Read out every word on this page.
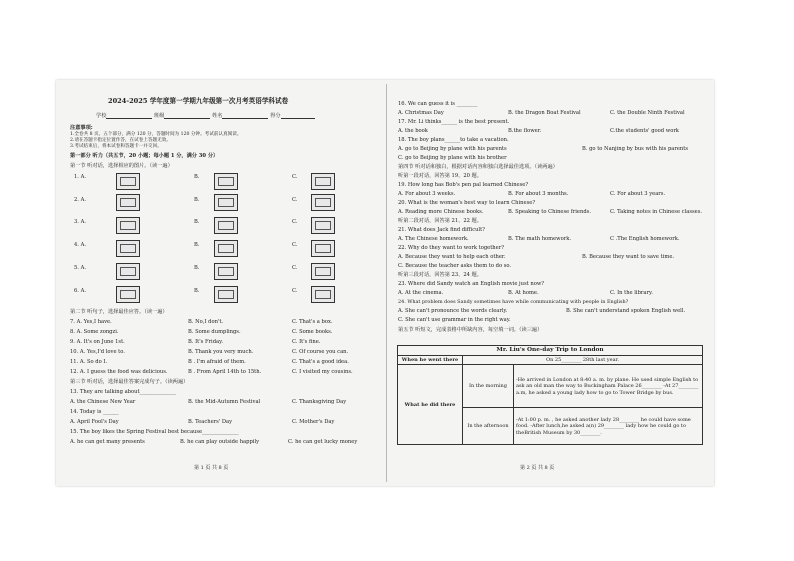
2024-2025 学年度第一学期九年级第一次月考英语学科试卷
学校	班级	姓名	得分
注意事项:
1.全卷共 8 页。五个部分，满分 120 分，答题时间为 120 分钟。考试前认真阅读。
2.请在答题卡指定位置作答，在试卷上答题无效。
3.考试结束后，将本试卷和答题卡一并交回。
第一部分 听力（共五节，20 小题；每小题 1 分，满分 30 分）
第一节 听对话，选择相应的图片。（读一遍）
1. A.	B.	C.
2. A.	B.	C.
3. A.	B.	C.
4. A.	B.	C.
5. A.	B.	C.
6. A.	B.	C.
第二节 听句子，选择最佳应答。（读一遍）
7. A. Yes,I have.	B. No,I don't.	C. That's a box.
8. A. Some zongzi.	B. Some dumplings.	C. Some books.
9. A. It's on June 1st.	B. It's Friday.	C. It's fine.
10. A. Yes,I'd love to.	B. Thank you very much.	C. Of course you can.
11. A. So do I.	B . I'm afraid of them.	C. That's a good idea.
12. A. I guess the food was delicious.	B . From April 14th to 15th.	C. I visited my cousins.
第三节 听对话，选择最佳答案完成句子。（读两遍）
13. They are talking about______________
A. the Chinese New Year	B. the Mid-Autumn Festival	C. Thanksgiving Day
14. Today is ______
A. April Fool's Day	B. Teachers' Day	C. Mother's Day
15. The boy likes the Spring Festival best because______________
A. he can get many presents	B. he can play outside happily	C. he can get lucky money
第 1 页 共 8 页
16. We can guess it is ________
A. Christmas Day	B. the Dragon Boat Festival	C. the Double Ninth Festival
17. Mr. Li thinks______ is the best present.
A. the book	B.the flower.	C.the students' good work
18. The boy plans______to take a vacation.
A. go to Beijing by plane with his parents	B. go to Nanjing by bus with his parents
C. go to Beijing by plane with his brother
第四节 听对话和独白，根据对话内容和独白选择最佳选项。（读两遍）
听第一段对话，回答第 19、20 题。
19. How long has Bob's pen pal learned Chinese?
A. For about 3 weeks.	B. For about 3 months.	C. For about 3 years.
20. What is the woman's best way to learn Chinese?
A. Reading more Chinese books.	B. Speaking to Chinese friends.	C. Taking notes in Chinese classes.
听第二段对话，回答第 21、22 题。
21. What does Jack find difficult?
A. The Chinese homework.	B. The math homework.	C .The English homework.
22. Why do they want to work together?
A. Because they want to help each other.	B. Because they want to save time.
C. Because the teacher asks them to do so.
听第三段对话，回答第 23、24 题。
23. Where did Sandy watch an English movie just now?
A. At the cinema.	B. At home.	C. In the library.
24. What problem does Sandy sometimes have while communicating with people in English?
A. She can't pronounce the words clearly.	B. She can't understand spoken English well.
C. She can't use grammar in the right way.
第五节 听短文，完成表格中所缺内容，每空填一词。（读三遍）
Mr. Liu's One-day Trip to London		
When he went there	On 25________ 28th last year.	
What he did there	In the morning	-He arrived in London at 8:40 a. m. by plane. He used simple English to ask an old man the way to Buckingham Palace 26________ -At 27________ a.m, he asked a young lady how to go to Tower Bridge by bus.
	In the afternoon	-At 1:00 p. m. , he asked another lady 28________ he could have some food. -After lunch,he asked a(n) 29________ lady how he could go to theBritish Museum by 30________.
第 2 页 共 8 页
